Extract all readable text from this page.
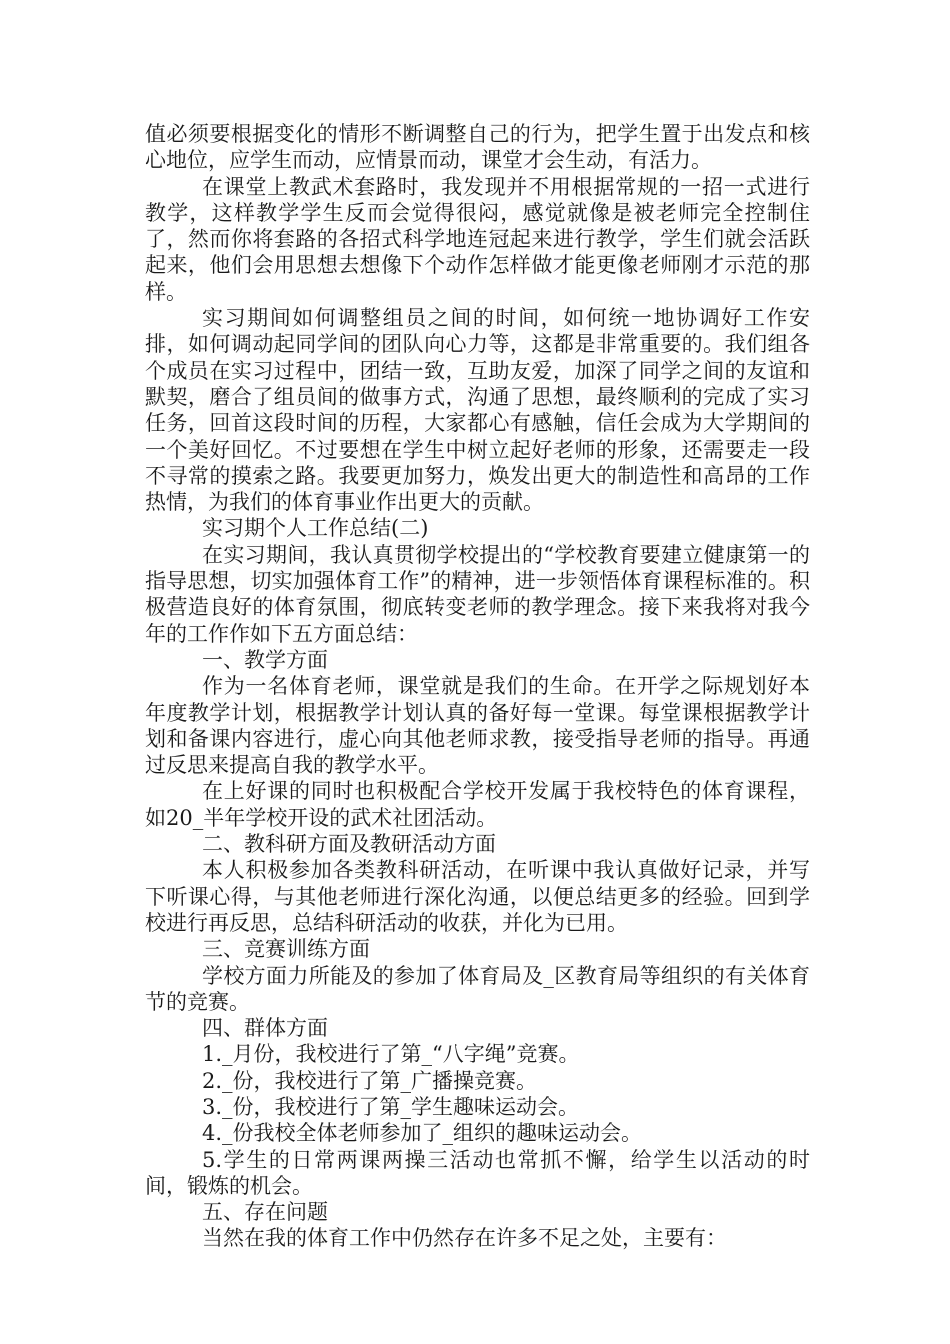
值必须要根据变化的情形不断调整自己的行为，把学生置于出发点和核心地位，应学生而动，应情景而动，课堂才会生动，有活力。

在课堂上教武术套路时，我发现并不用根据常规的一招一式进行教学，这样教学学生反而会觉得很闷，感觉就像是被老师完全控制住了，然而你将套路的各招式科学地连冠起来进行教学，学生们就会活跃起来，他们会用思想去想像下个动作怎样做才能更像老师刚才示范的那样。

实习期间如何调整组员之间的时间，如何统一地协调好工作安排，如何调动起同学间的团队向心力等，这都是非常重要的。我们组各个成员在实习过程中，团结一致，互助友爱，加深了同学之间的友谊和默契，磨合了组员间的做事方式，沟通了思想，最终顺利的完成了实习任务，回首这段时间的历程，大家都心有感触，信任会成为大学期间的一个美好回忆。不过要想在学生中树立起好老师的形象，还需要走一段不寻常的摸索之路。我要更加努力，焕发出更大的制造性和高昂的工作热情，为我们的体育事业作出更大的贡献。

实习期个人工作总结(二)

在实习期间，我认真贯彻学校提出的“学校教育要建立健康第一的指导思想，切实加强体育工作”的精神，进一步领悟体育课程标准的。积极营造良好的体育氛围，彻底转变老师的教学理念。接下来我将对我今年的工作作如下五方面总结：

一、教学方面

作为一名体育老师，课堂就是我们的生命。在开学之际规划好本年度教学计划，根据教学计划认真的备好每一堂课。每堂课根据教学计划和备课内容进行，虚心向其他老师求教，接受指导老师的指导。再通过反思来提高自我的教学水平。

在上好课的同时也积极配合学校开发属于我校特色的体育课程，如20_半年学校开设的武术社团活动。

二、教科研方面及教研活动方面

本人积极参加各类教科研活动，在听课中我认真做好记录，并写下听课心得，与其他老师进行深化沟通，以便总结更多的经验。回到学校进行再反思，总结科研活动的收获，并化为已用。

三、竞赛训练方面

学校方面力所能及的参加了体育局及_区教育局等组织的有关体育节的竞赛。

四、群体方面

1._月份，我校进行了第_“八字绳”竞赛。

2._份，我校进行了第_广播操竞赛。

3._份，我校进行了第_学生趣味运动会。

4._份我校全体老师参加了_组织的趣味运动会。

5.学生的日常两课两操三活动也常抓不懈，给学生以活动的时间，锻炼的机会。

五、存在问题

当然在我的体育工作中仍然存在许多不足之处，主要有：
